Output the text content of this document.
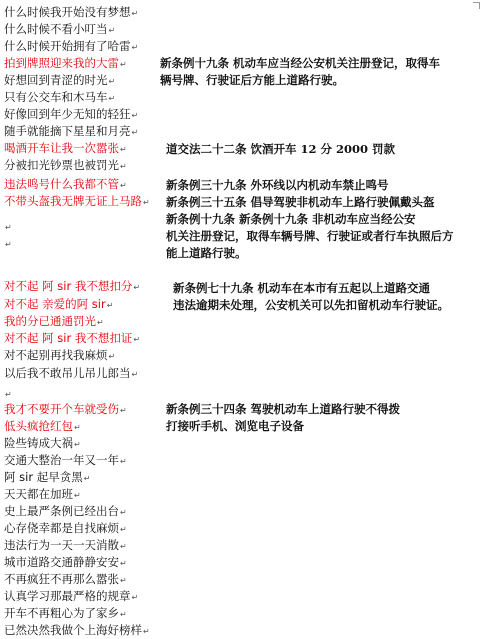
什么时候我开始没有梦想↵
什么时候不看小叮当↵
什么时候开始拥有了哈雷↵
拍到牌照迎来我的大雷↵
好想回到青涩的时光↵
只有公交车和木马车↵
好像回到年少无知的轻狂↵
随手就能摘下星星和月亮↵
喝酒开车让我一次嚣张↵
分被扣光钞票也被罚光↵
违法鸣号什么我都不管↵
不带头盔我无牌无证上马路↵
↵
↵
对不起 阿 sir 我不想扣分↵
对不起 亲爱的阿 sir↵
我的分已通通罚光↵
对不起 阿 sir 我不想扣证↵
对不起别再找我麻烦↵
以后我不敢吊儿吊儿郎当↵
↵
我才不要开个车就受伤↵
低头疯抢红包↵
险些铸成大祸↵
交通大整治一年又一年↵
阿 sir 起早贪黑↵
天天都在加班↵
史上最严条例已经出台↵
心存侥幸都是自找麻烦↵
违法行为一天一天消散↵
城市道路交通静静安安↵
不再疯狂不再那么嚣张↵
认真学习那最严格的规章↵
开车不再粗心为了家乡↵
已然决然我做个上海好榜样↵
新条例十九条 机动车应当经公安机关注册登记，取得车
辆号牌、行驶证后方能上道路行驶。
道交法二十二条 饮酒开车 12 分 2000 罚款
新条例三十九条 外环线以内机动车禁止鸣号
新条例三十五条 倡导驾驶非机动车上路行驶佩戴头盔
新条例十九条 新条例十九条 非机动车应当经公安
机关注册登记，取得车辆号牌、行驶证或者行车执照后方
能上道路行驶。
新条例七十九条 机动车在本市有五起以上道路交通
违法逾期未处理，公安机关可以先扣留机动车行驶证。
新条例三十四条 驾驶机动车上道路行驶不得拨
打接听手机、浏览电子设备
